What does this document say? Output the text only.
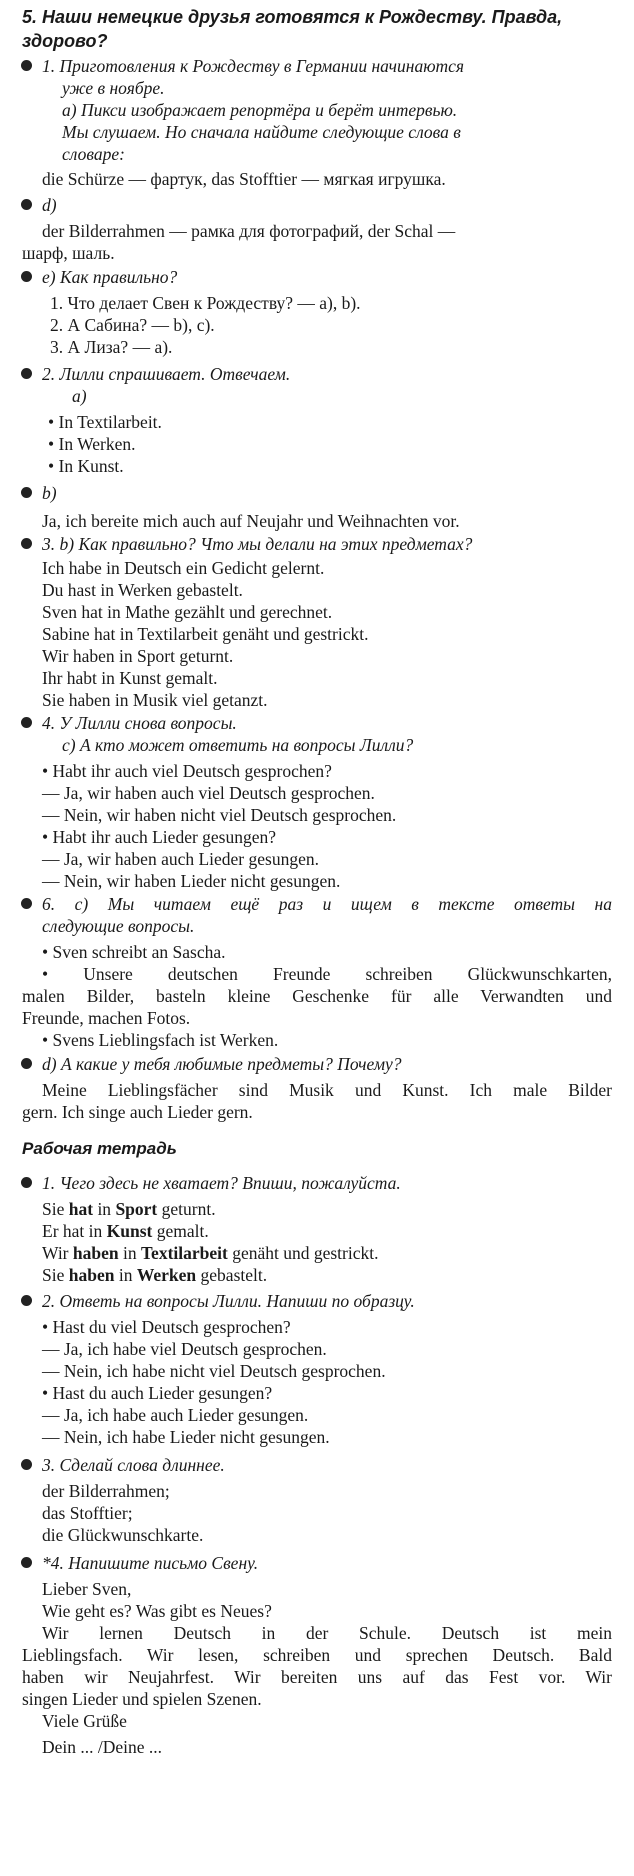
5. Наши немецкие друзья готовятся к Рождеству. Правда,
здорово?
1. Приготовления к Рождеству в Германии начинаются
уже в ноябре.
а) Пикси изображает репортёра и берёт интервью.
Мы слушаем. Но сначала найдите следующие слова в
словаре:
die Schürze — фартук, das Stofftier — мягкая игрушка.
d)
der Bilderrahmen — рамка для фотографий, der Schal —
шарф, шаль.
е) Как правильно?
1. Что делает Свен к Рождеству? — a), b).
2. А Сабина? — b), c).
3. А Лиза? — а).
2. Лилли спрашивает. Отвечаем.
а)
• In Textilarbeit.
• In Werken.
• In Kunst.
b)
Ja, ich bereite mich auch auf Neujahr und Weihnachten vor.
3. b) Как правильно? Что мы делали на этих предметах?
Ich habe in Deutsch ein Gedicht gelernt.
Du hast in Werken gebastelt.
Sven hat in Mathe gezählt und gerechnet.
Sabine hat in Textilarbeit genäht und gestrickt.
Wir haben in Sport geturnt.
Ihr habt in Kunst gemalt.
Sie haben in Musik viel getanzt.
4. У Лилли снова вопросы.
с) А кто может ответить на вопросы Лилли?
• Habt ihr auch viel Deutsch gesprochen?
— Ja, wir haben auch viel Deutsch gesprochen.
— Nein, wir haben nicht viel Deutsch gesprochen.
• Habt ihr auch Lieder gesungen?
— Ja, wir haben auch Lieder gesungen.
— Nein, wir haben Lieder nicht gesungen.
6. с) Мы читаем ещё раз и ищем в тексте ответы на
следующие вопросы.
• Sven schreibt an Sascha.
• Unsere deutschen Freunde schreiben Glückwunschkarten,
malen Bilder, basteln kleine Geschenke für alle Verwandten und
Freunde, machen Fotos.
• Svens Lieblingsfach ist Werken.
d) А какие у тебя любимые предметы? Почему?
Meine Lieblingsfächer sind Musik und Kunst. Ich male Bilder
gern. Ich singe auch Lieder gern.
Рабочая тетрадь
1. Чего здесь не хватает? Впиши, пожалуйста.
Sie hat in Sport geturnt.
Er hat in Kunst gemalt.
Wir haben in Textilarbeit genäht und gestrickt.
Sie haben in Werken gebastelt.
2. Ответь на вопросы Лилли. Напиши по образцу.
• Hast du viel Deutsch gesprochen?
— Ja, ich habe viel Deutsch gesprochen.
— Nein, ich habe nicht viel Deutsch gesprochen.
• Hast du auch Lieder gesungen?
— Ja, ich habe auch Lieder gesungen.
— Nein, ich habe Lieder nicht gesungen.
3. Сделай слова длиннее.
der Bilderrahmen;
das Stofftier;
die Glückwunschkarte.
*4. Напишите письмо Свену.
Lieber Sven,
Wie geht es? Was gibt es Neues?
Wir lernen Deutsch in der Schule. Deutsch ist mein
Lieblingsfach. Wir lesen, schreiben und sprechen Deutsch. Bald
haben wir Neujahrfest. Wir bereiten uns auf das Fest vor. Wir
singen Lieder und spielen Szenen.
Viele Grüße
Dein ... /Deine ...
